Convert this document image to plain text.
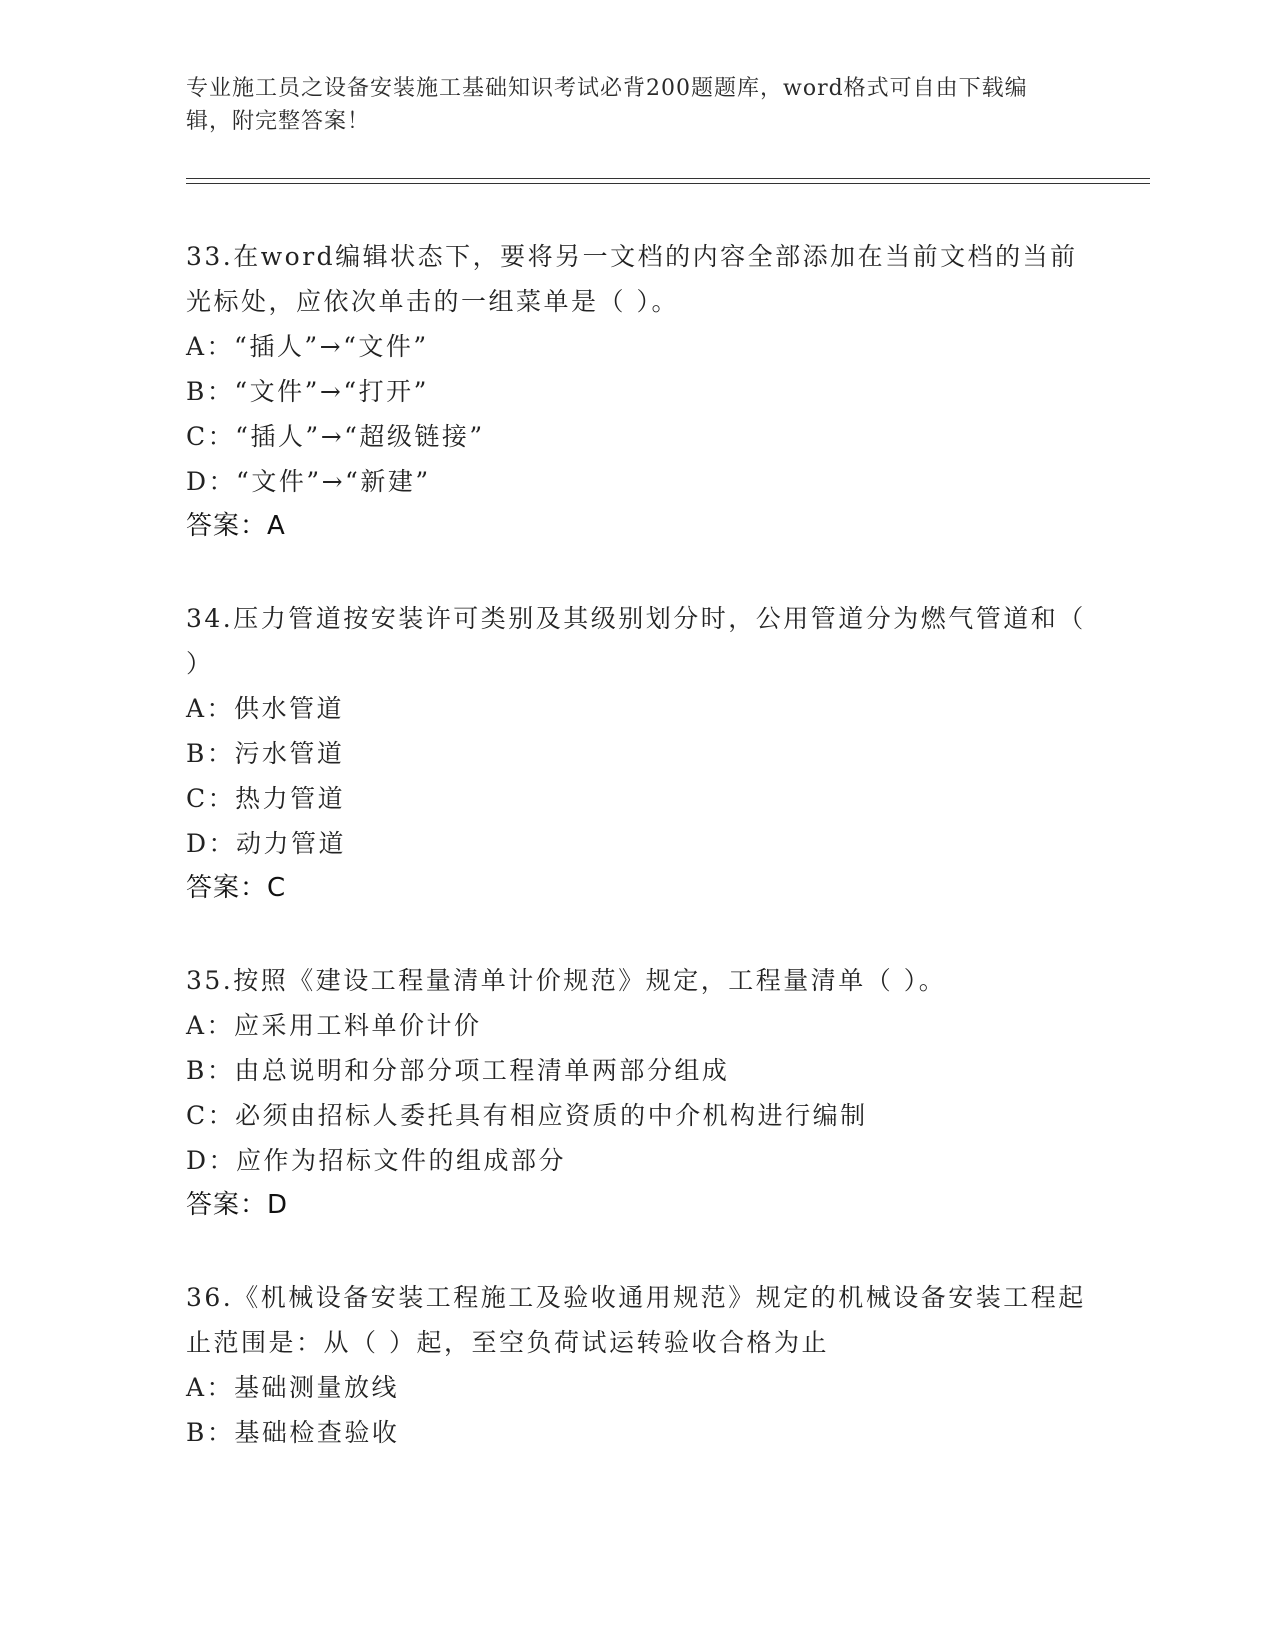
专业施工员之设备安装施工基础知识考试必背200题题库，word格式可自由下载编辑，附完整答案！

33.在word编辑状态下，要将另一文档的内容全部添加在当前文档的当前光标处，应依次单击的一组菜单是（ ）。

A：“插人”→“文件”

B：“文件”→“打开”

C：“插人”→“超级链接”

D：“文件”→“新建”

答案：A

34.压力管道按安装许可类别及其级别划分时，公用管道分为燃气管道和（ ）

A：供水管道

B：污水管道

C：热力管道

D：动力管道

答案：C

35.按照《建设工程量清单计价规范》规定，工程量清单（ ）。

A：应采用工料单价计价

B：由总说明和分部分项工程清单两部分组成

C：必须由招标人委托具有相应资质的中介机构进行编制

D：应作为招标文件的组成部分

答案：D

36.《机械设备安装工程施工及验收通用规范》规定的机械设备安装工程起止范围是：从（ ）起，至空负荷试运转验收合格为止

A：基础测量放线

B：基础检查验收
